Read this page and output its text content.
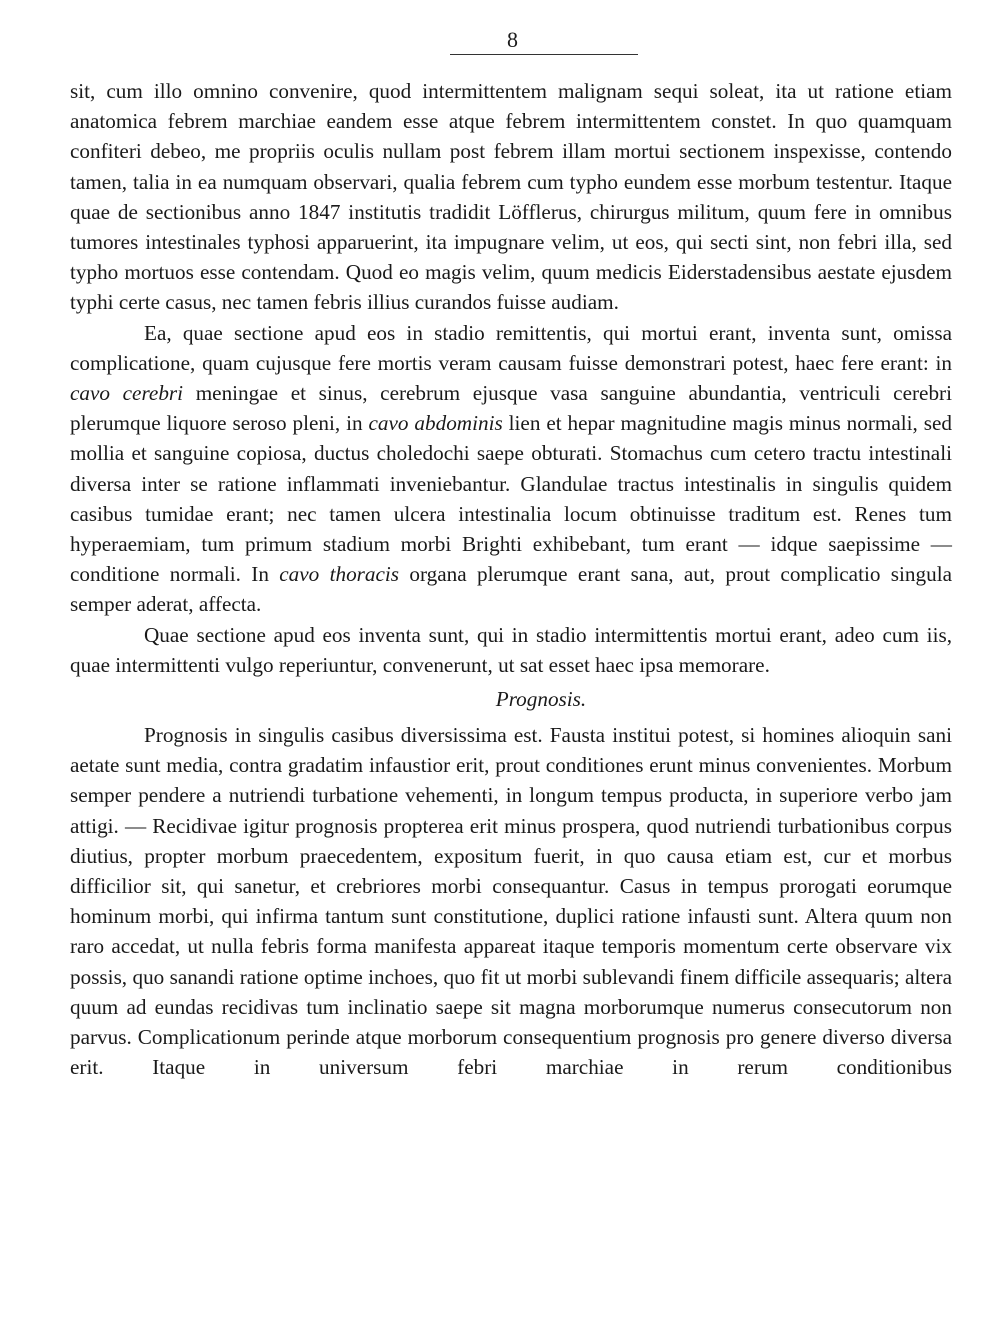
8

sit, cum illo omnino convenire, quod intermittentem malignam sequi soleat, ita ut ratione etiam anatomica febrem marchiae eandem esse atque febrem intermittentem constet. In quo quamquam confiteri debeo, me propriis oculis nullam post febrem illam mortui sectionem inspexisse, contendo tamen, talia in ea numquam observari, qualia febrem cum typho eundem esse morbum testentur. Itaque quae de sectionibus anno 1847 institutis tradidit Löfflerus, chirurgus militum, quum fere in omnibus tumores intestinales typhosi apparuerint, ita impugnare velim, ut eos, qui secti sint, non febri illa, sed typho mortuos esse contendam. Quod eo magis velim, quum medicis Eiderstadensibus aestate ejusdem typhi certe casus, nec tamen febris illius curandos fuisse audiam.

Ea, quae sectione apud eos in stadio remittentis, qui mortui erant, inventa sunt, omissa complicatione, quam cujusque fere mortis veram causam fuisse demonstrari potest, haec fere erant: in cavo cerebri meningae et sinus, cerebrum ejusque vasa sanguine abundantia, ventriculi cerebri plerumque liquore seroso pleni, in cavo abdominis lien et hepar magnitudine magis minus normali, sed mollia et sanguine copiosa, ductus choledochi saepe obturati. Stomachus cum cetero tractu intestinali diversa inter se ratione inflammati inveniebantur. Glandulae tractus intestinalis in singulis quidem casibus tumidae erant; nec tamen ulcera intestinalia locum obtinuisse traditum est. Renes tum hyperaemiam, tum primum stadium morbi Brighti exhibebant, tum erant — idque saepissime — conditione normali. In cavo thoracis organa plerumque erant sana, aut, prout complicatio singula semper aderat, affecta.

Quae sectione apud eos inventa sunt, qui in stadio intermittentis mortui erant, adeo cum iis, quae intermittenti vulgo reperiuntur, convenerunt, ut sat esset haec ipsa memorare.

Prognosis.

Prognosis in singulis casibus diversissima est. Fausta institui potest, si homines alioquin sani aetate sunt media, contra gradatim infaustior erit, prout conditiones erunt minus convenientes. Morbum semper pendere a nutriendi turbatione vehementi, in longum tempus producta, in superiore verbo jam attigi. — Recidivae igitur prognosis propterea erit minus prospera, quod nutriendi turbationibus corpus diutius, propter morbum praecedentem, expositum fuerit, in quo causa etiam est, cur et morbus difficilior sit, qui sanetur, et crebriores morbi consequantur. Casus in tempus prorogati eorumque hominum morbi, qui infirma tantum sunt constitutione, duplici ratione infausti sunt. Altera quum non raro accedat, ut nulla febris forma manifesta appareat itaque temporis momentum certe observare vix possis, quo sanandi ratione optime inchoes, quo fit ut morbi sublevandi finem difficile assequaris; altera quum ad eundas recidivas tum inclinatio saepe sit magna morborumque numerus consecutorum non parvus. Complicationum perinde atque morborum consequentium prognosis pro genere diverso diversa erit. Itaque in universum febri marchiae in rerum conditionibus
